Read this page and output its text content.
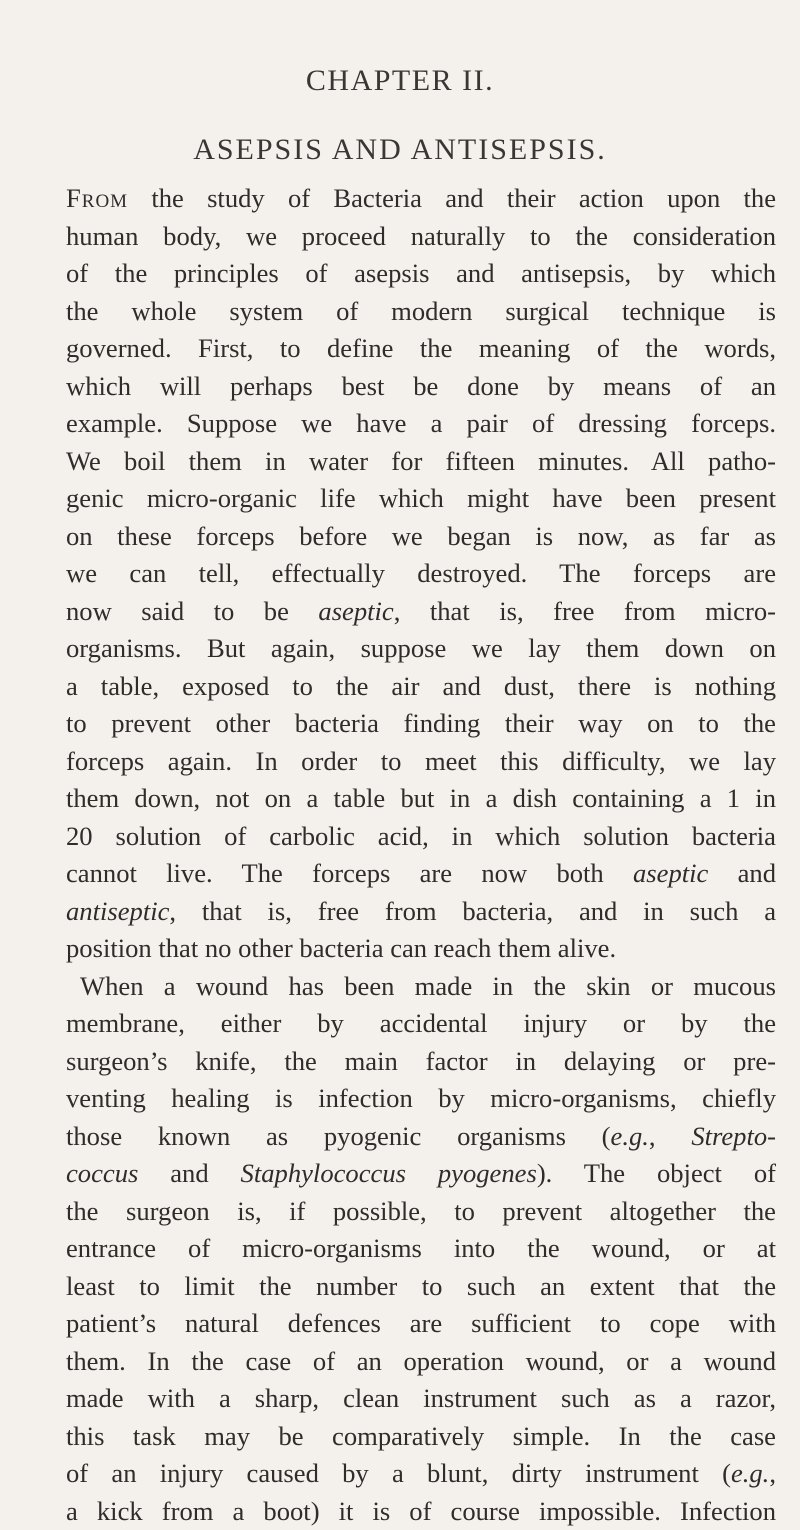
CHAPTER II.
ASEPSIS AND ANTISEPSIS.
From the study of Bacteria and their action upon the
human body, we proceed naturally to the consideration
of the principles of asepsis and antisepsis, by which
the whole system of modern surgical technique is
governed. First, to define the meaning of the words,
which will perhaps best be done by means of an
example. Suppose we have a pair of dressing forceps.
We boil them in water for fifteen minutes. All patho-
genic micro-organic life which might have been present
on these forceps before we began is now, as far as
we can tell, effectually destroyed. The forceps are
now said to be aseptic, that is, free from micro-
organisms. But again, suppose we lay them down on
a table, exposed to the air and dust, there is nothing
to prevent other bacteria finding their way on to the
forceps again. In order to meet this difficulty, we lay
them down, not on a table but in a dish containing a 1 in
20 solution of carbolic acid, in which solution bacteria
cannot live. The forceps are now both aseptic and
antiseptic, that is, free from bacteria, and in such a
position that no other bacteria can reach them alive.
When a wound has been made in the skin or mucous
membrane, either by accidental injury or by the
surgeon’s knife, the main factor in delaying or pre-
venting healing is infection by micro-organisms, chiefly
those known as pyogenic organisms (e.g., Strepto-
coccus and Staphylococcus pyogenes). The object of
the surgeon is, if possible, to prevent altogether the
entrance of micro-organisms into the wound, or at
least to limit the number to such an extent that the
patient’s natural defences are sufficient to cope with
them. In the case of an operation wound, or a wound
made with a sharp, clean instrument such as a razor,
this task may be comparatively simple. In the case
of an injury caused by a blunt, dirty instrument (e.g.,
a kick from a boot) it is of course impossible. Infection
